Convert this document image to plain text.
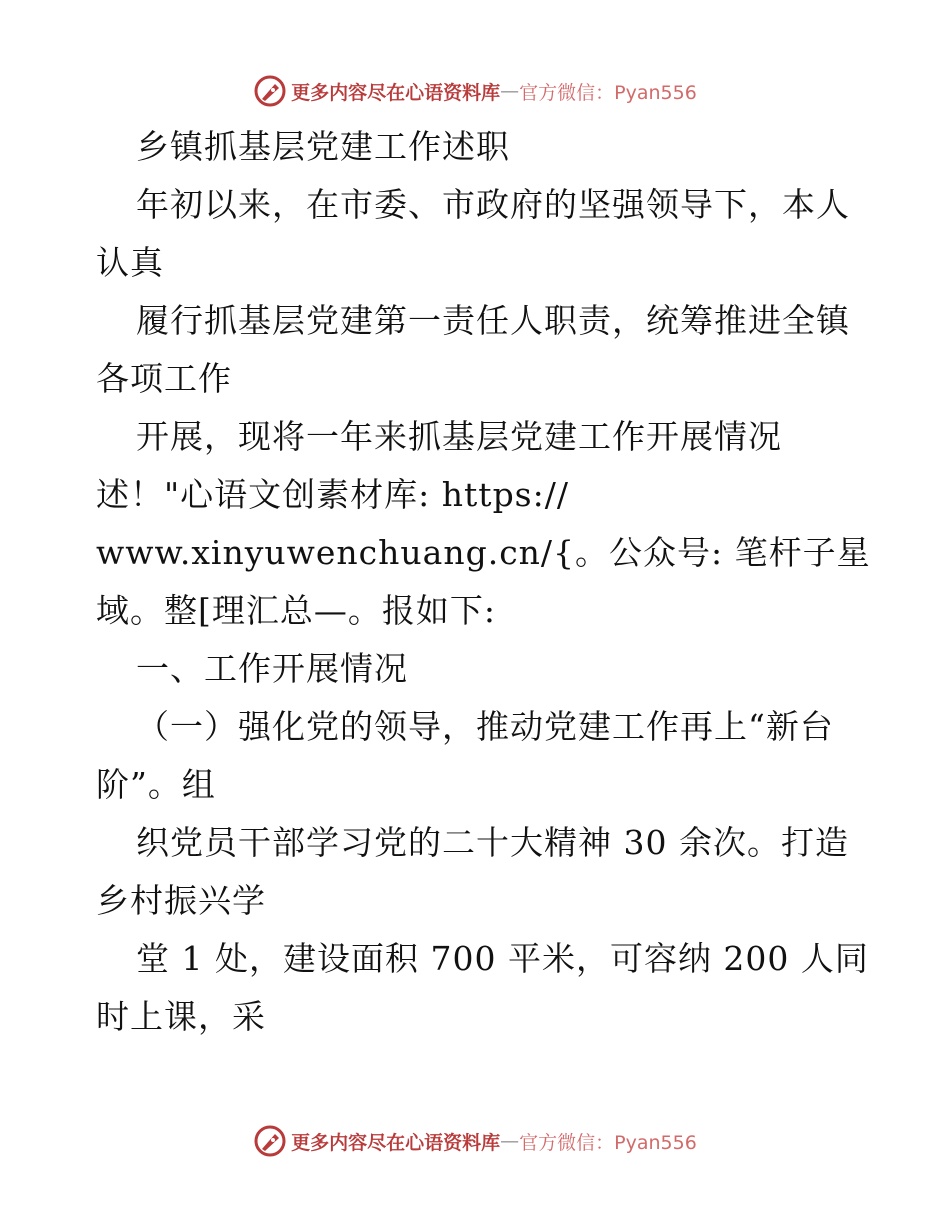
更多内容尽在心语资料库 — 官方微信：Pyan556
乡镇抓基层党建工作述职
年初以来，在市委、市政府的坚强领导下，本人
认真
履行抓基层党建第一责任人职责，统筹推进全镇
各项工作
开展，现将一年来抓基层党建工作开展情况
述！"心语文创素材库: https://
www.xinyuwenchuang.cn/{。公众号: 笔杆子星
域。整[理汇总—。报如下:
一、工作开展情况
（一）强化党的领导，推动党建工作再上“新台
阶”。组
织党员干部学习党的二十大精神 30 余次。打造
乡村振兴学
堂 1 处，建设面积 700 平米，可容纳 200 人同
时上课，采
更多内容尽在心语资料库 — 官方微信：Pyan556
